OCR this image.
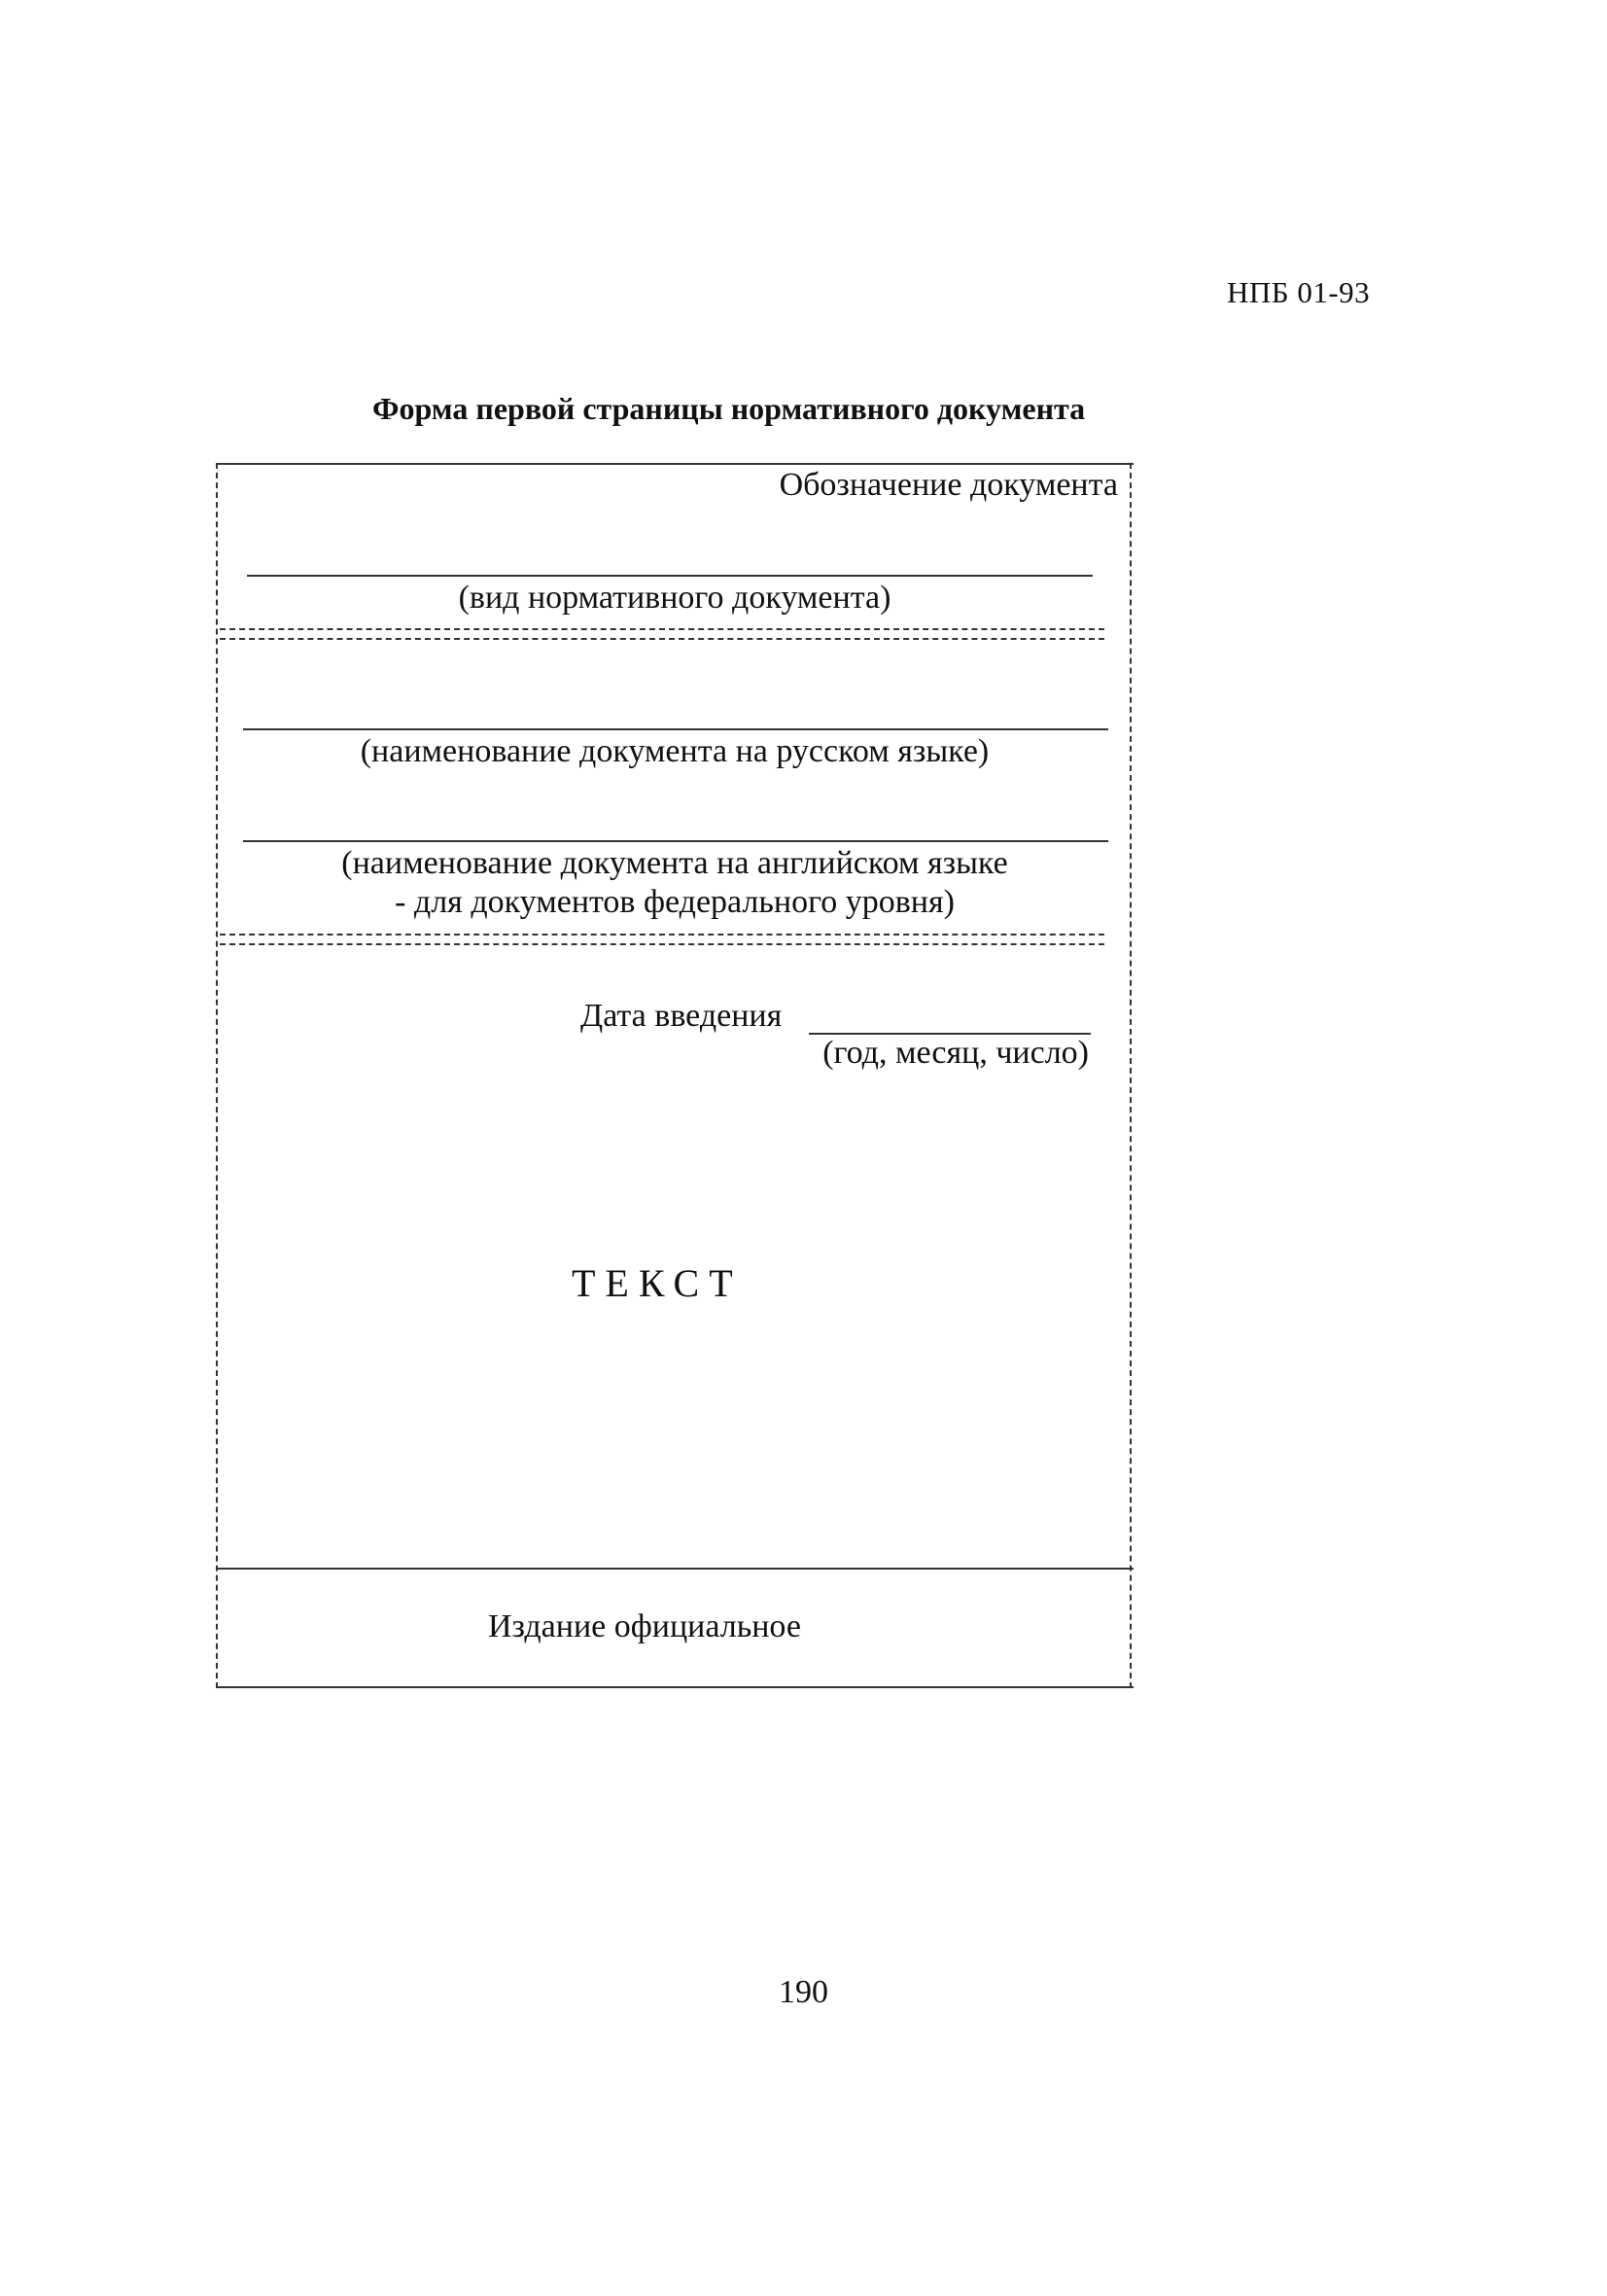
НПБ 01-93
Форма первой страницы нормативного документа
Обозначение документа
(вид нормативного документа)
(наименование документа на русском языке)
(наименование документа на английском языке
- для документов федерального уровня)
Дата введения
(год, месяц, число)
ТЕКСТ
Издание официальное
190
